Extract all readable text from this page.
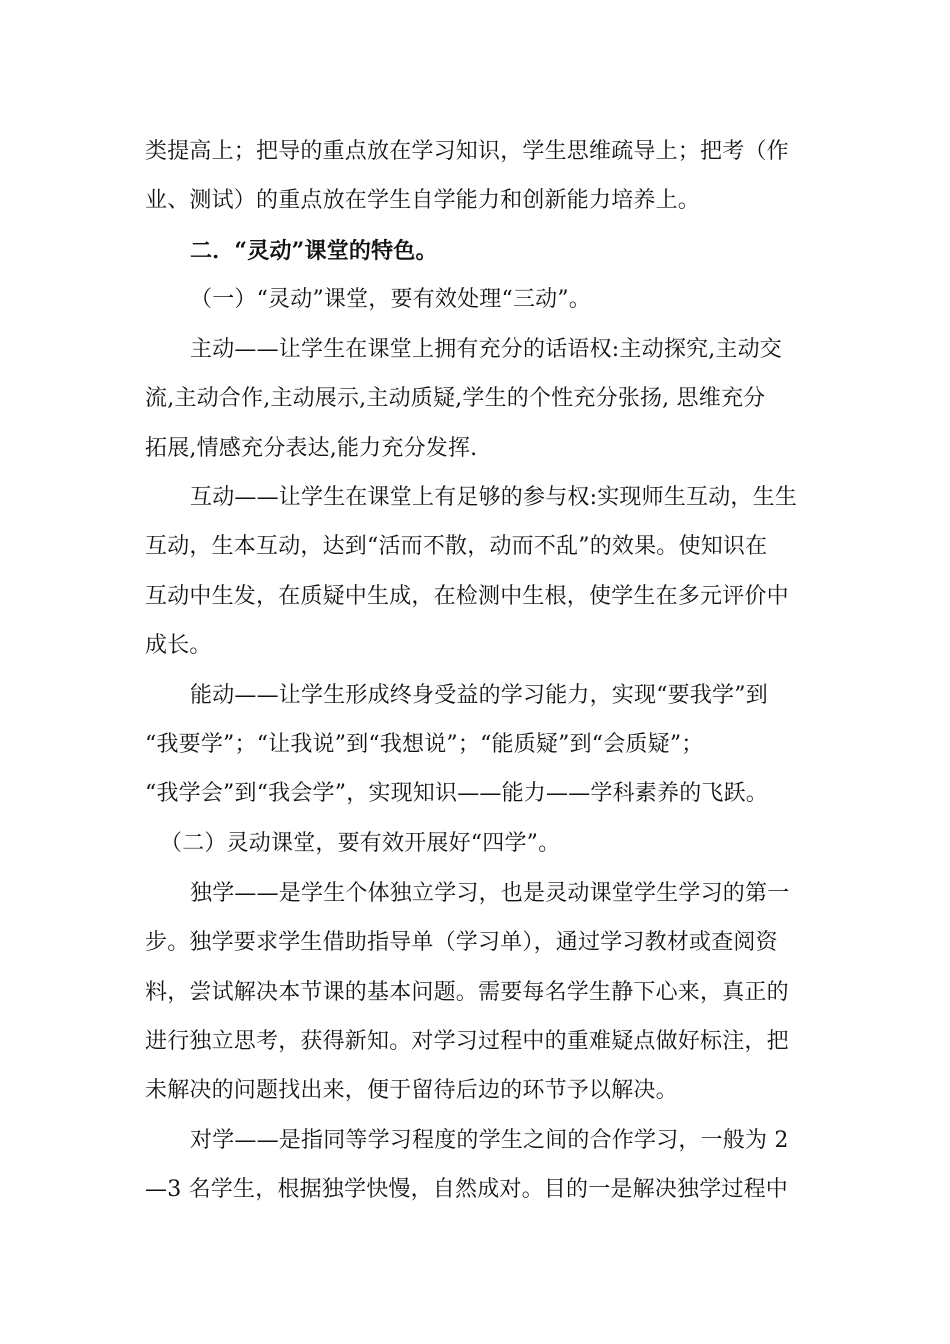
类提高上；把导的重点放在学习知识，学生思维疏导上；把考（作
业、测试）的重点放在学生自学能力和创新能力培养上。
二．“灵动”课堂的特色。
（一）“灵动”课堂，要有效处理“三动”。
主动——让学生在课堂上拥有充分的话语权:主动探究,主动交
流,主动合作,主动展示,主动质疑,学生的个性充分张扬, 思维充分
拓展,情感充分表达,能力充分发挥.
互动——让学生在课堂上有足够的参与权:实现师生互动，生生
互动，生本互动，达到“活而不散，动而不乱”的效果。使知识在
互动中生发，在质疑中生成，在检测中生根，使学生在多元评价中
成长。
能动——让学生形成终身受益的学习能力，实现“要我学”到
“我要学”；“让我说”到“我想说”；“能质疑”到“会质疑”；
“我学会”到“我会学”，实现知识——能力——学科素养的飞跃。
（二）灵动课堂，要有效开展好“四学”。
独学——是学生个体独立学习，也是灵动课堂学生学习的第一
步。独学要求学生借助指导单（学习单），通过学习教材或查阅资
料，尝试解决本节课的基本问题。需要每名学生静下心来，真正的
进行独立思考，获得新知。对学习过程中的重难疑点做好标注，把
未解决的问题找出来，便于留待后边的环节予以解决。
对学——是指同等学习程度的学生之间的合作学习，一般为 2
—3 名学生，根据独学快慢，自然成对。目的一是解决独学过程中
